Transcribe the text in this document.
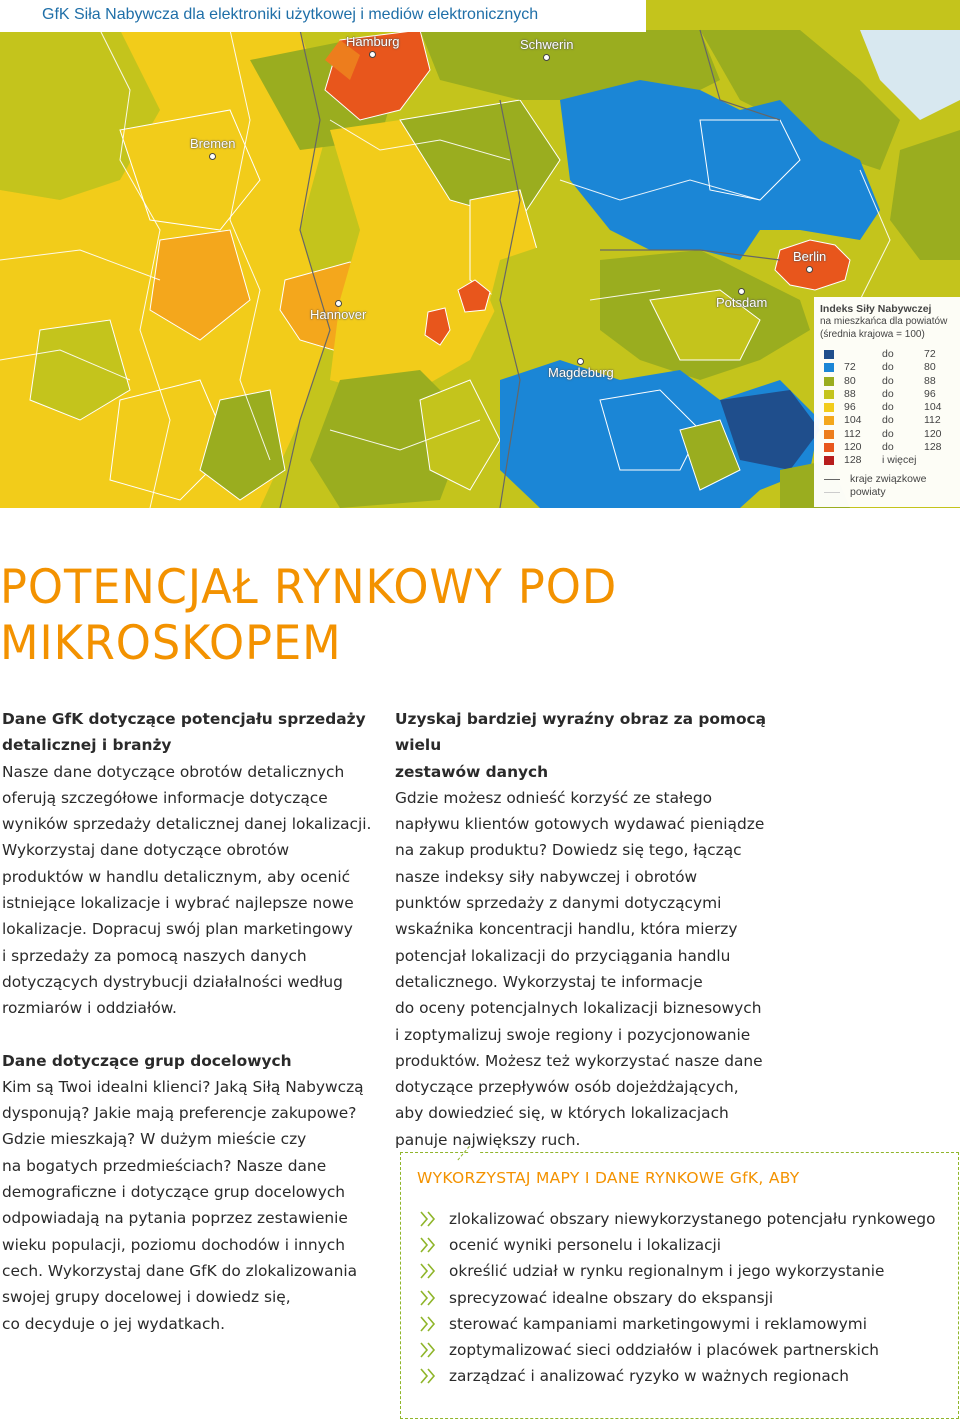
GfK Siła Nabywcza dla elektroniki użytkowej i mediów elektronicznych
Hamburg	Schwerin
Bremen
Berlin
Hannover
Potsdam
Magdeburg
Indeks Siły Nabywczej
na mieszkańca dla powiatów
(średnia krajowa = 100)
do	72
72	do	80
80	do	88
88	do	96
96	do	104
104	do	112
112	do	120
120	do	128
128	i więcej
kraje związkowe
powiaty
POTENCJAŁ RYNKOWY POD
MIKROSKOPEM
Dane GfK dotyczące potencjału sprzedaży
detalicznej i branży

Nasze dane dotyczące obrotów detalicznych
oferują szczegółowe informacje dotyczące
wyników sprzedaży detalicznej danej lokalizacji.
Wykorzystaj dane dotyczące obrotów
produktów w handlu detalicznym, aby ocenić
istniejące lokalizacje i wybrać najlepsze nowe
lokalizacje. Dopracuj swój plan marketingowy
i sprzedaży za pomocą naszych danych
dotyczących dystrybucji działalności według
rozmiarów i oddziałów.

Dane dotyczące grup docelowych

Kim są Twoi idealni klienci? Jaką Siłą Nabywczą
dysponują? Jakie mają preferencje zakupowe?
Gdzie mieszkają? W dużym mieście czy
na bogatych przedmieściach? Nasze dane
demograficzne i dotyczące grup docelowych
odpowiadają na pytania poprzez zestawienie
wieku populacji, poziomu dochodów i innych
cech. Wykorzystaj dane GfK do zlokalizowania
swojej grupy docelowej i dowiedz się,
co decyduje o jej wydatkach.

Uzyskaj bardziej wyraźny obraz za pomocą wielu
zestawów danych

Gdzie możesz odnieść korzyść ze stałego
napływu klientów gotowych wydawać pieniądze
na zakup produktu? Dowiedz się tego, łącząc
nasze indeksy siły nabywczej i obrotów
punktów sprzedaży z danymi dotyczącymi
wskaźnika koncentracji handlu, która mierzy
potencjał lokalizacji do przyciągania handlu
detalicznego. Wykorzystaj te informacje
do oceny potencjalnych lokalizacji biznesowych
i zoptymalizuj swoje regiony i pozycjonowanie
produktów. Możesz też wykorzystać nasze dane
dotyczące przepływów osób dojeżdżających,
aby dowiedzieć się, w których lokalizacjach
panuje największy ruch.

WYKORZYSTAJ MAPY I DANE RYNKOWE GfK, ABY
zlokalizować obszary niewykorzystanego potencjału rynkowego
ocenić wyniki personelu i lokalizacji
określić udział w rynku regionalnym i jego wykorzystanie
sprecyzować idealne obszary do ekspansji
sterować kampaniami marketingowymi i reklamowymi
zoptymalizować sieci oddziałów i placówek partnerskich
zarządzać i analizować ryzyko w ważnych regionach
